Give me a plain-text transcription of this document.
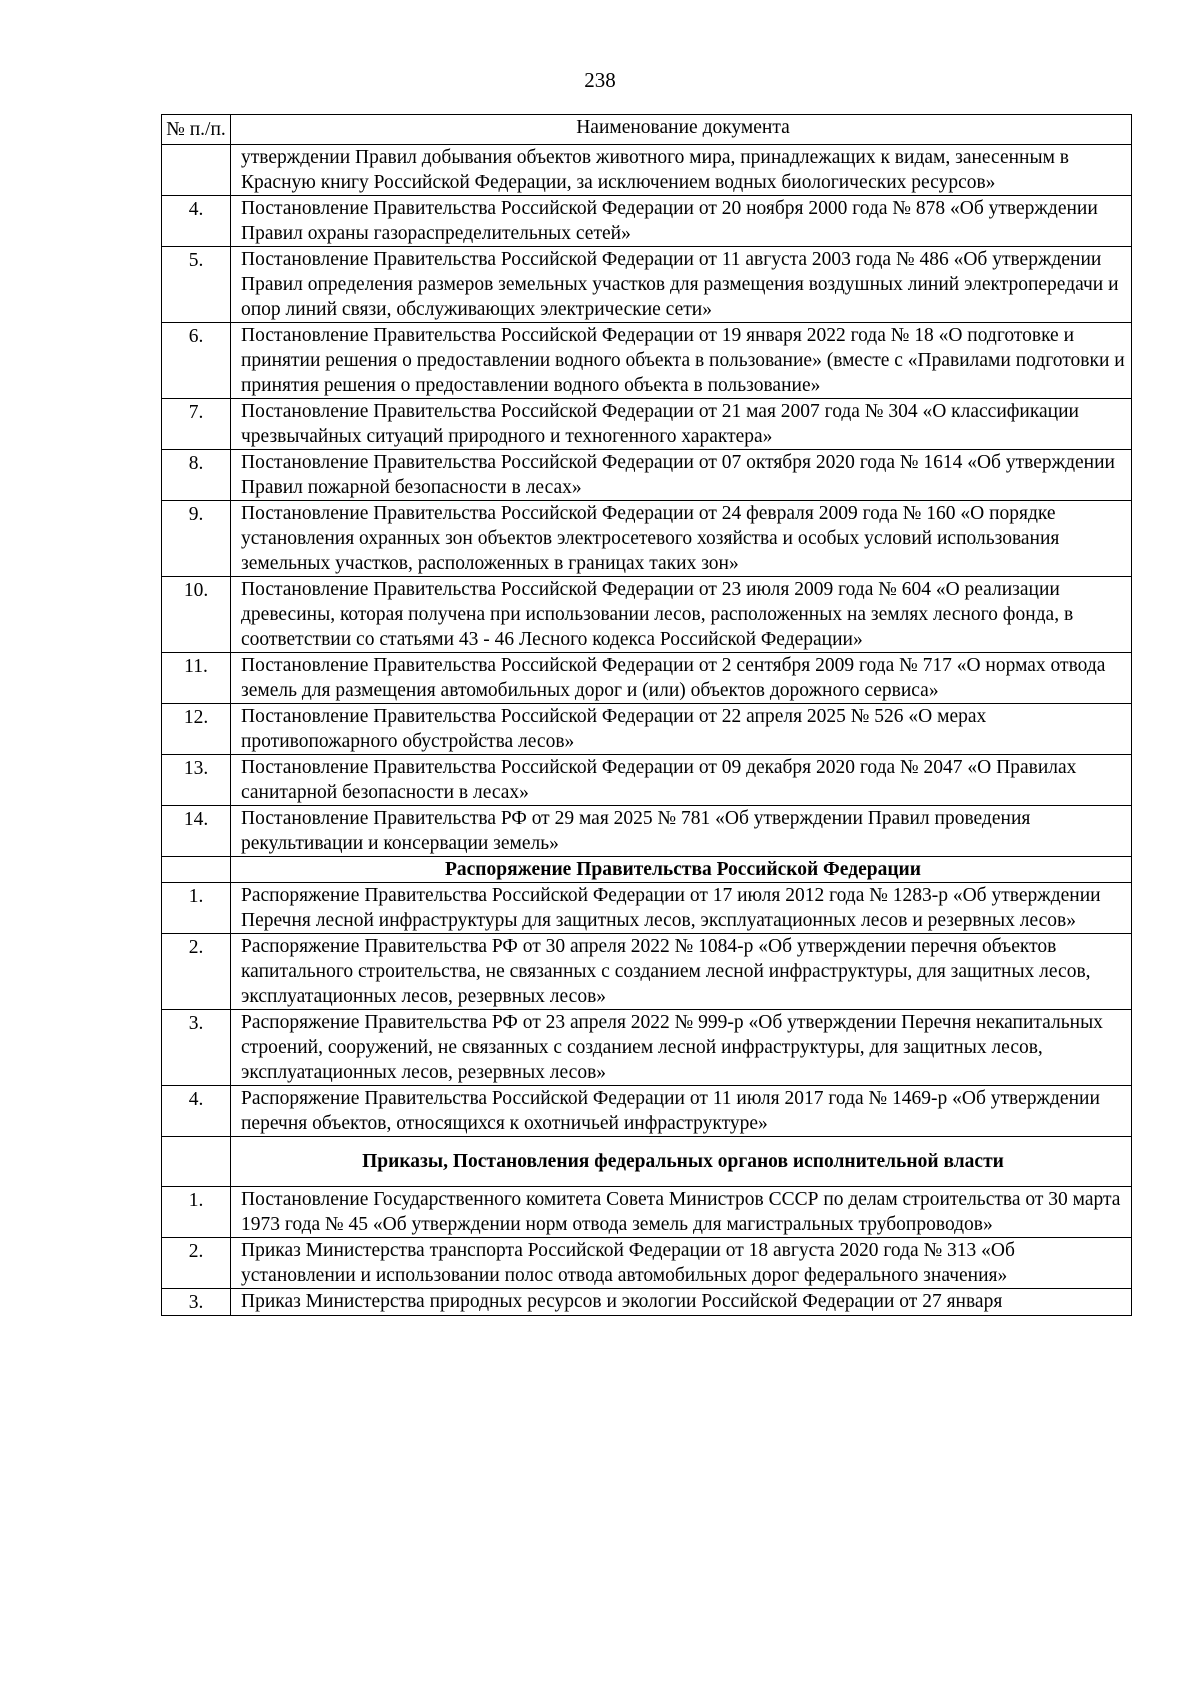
238
№ п./п.	Наименование документа
	утверждении Правил добывания объектов животного мира, принадлежащих к видам, занесенным в Красную книгу Российской Федерации, за исключением водных биологических ресурсов»
4.	Постановление Правительства Российской Федерации от 20 ноября 2000 года № 878 «Об утверждении Правил охраны газораспределительных сетей»
5.	Постановление Правительства Российской Федерации от 11 августа 2003 года № 486 «Об утверждении Правил определения размеров земельных участков для размещения воздушных линий электропередачи и опор линий связи, обслуживающих электрические сети»
6.	Постановление Правительства Российской Федерации от 19 января 2022 года № 18 «О подготовке и принятии решения о предоставлении водного объекта в пользование» (вместе с «Правилами подготовки и принятия решения о предоставлении водного объекта в пользование»
7.	Постановление Правительства Российской Федерации от 21 мая 2007 года № 304 «О классификации чрезвычайных ситуаций природного и техногенного характера»
8.	Постановление Правительства Российской Федерации от 07 октября 2020 года № 1614 «Об утверждении Правил пожарной безопасности в лесах»
9.	Постановление Правительства Российской Федерации от 24 февраля 2009 года № 160 «О порядке установления охранных зон объектов электросетевого хозяйства и особых условий использования земельных участков, расположенных в границах таких зон»
10.	Постановление Правительства Российской Федерации от 23 июля 2009 года № 604 «О реализации древесины, которая получена при использовании лесов, расположенных на землях лесного фонда, в соответствии со статьями 43 - 46 Лесного кодекса Российской Федерации»
11.	Постановление Правительства Российской Федерации от 2 сентября 2009 года № 717 «О нормах отвода земель для размещения автомобильных дорог и (или) объектов дорожного сервиса»
12.	Постановление Правительства Российской Федерации от 22 апреля 2025 № 526 «О мерах противопожарного обустройства лесов»
13.	Постановление Правительства Российской Федерации от 09 декабря 2020 года № 2047 «О Правилах санитарной безопасности в лесах»
14.	Постановление Правительства РФ от 29 мая 2025 № 781 «Об утверждении Правил проведения рекультивации и консервации земель»
	Распоряжение Правительства Российской Федерации
1.	Распоряжение Правительства Российской Федерации от 17 июля 2012 года № 1283-р «Об утверждении Перечня лесной инфраструктуры для защитных лесов, эксплуатационных лесов и резервных лесов»
2.	Распоряжение Правительства РФ от 30 апреля 2022 № 1084-р «Об утверждении перечня объектов капитального строительства, не связанных с созданием лесной инфраструктуры, для защитных лесов, эксплуатационных лесов, резервных лесов»
3.	Распоряжение Правительства РФ от 23 апреля 2022 № 999-р «Об утверждении Перечня некапитальных строений, сооружений, не связанных с созданием лесной инфраструктуры, для защитных лесов, эксплуатационных лесов, резервных лесов»
4.	Распоряжение Правительства Российской Федерации от 11 июля 2017 года № 1469-р «Об утверждении перечня объектов, относящихся к охотничьей инфраструктуре»
	Приказы, Постановления федеральных органов исполнительной власти
1.	Постановление Государственного комитета Совета Министров СССР по делам строительства от 30 марта 1973 года № 45 «Об утверждении норм отвода земель для магистральных трубопроводов»
2.	Приказ Министерства транспорта Российской Федерации от 18 августа 2020 года № 313 «Об установлении и использовании полос отвода автомобильных дорог федерального значения»
3.	Приказ Министерства природных ресурсов и экологии Российской Федерации от 27 января
